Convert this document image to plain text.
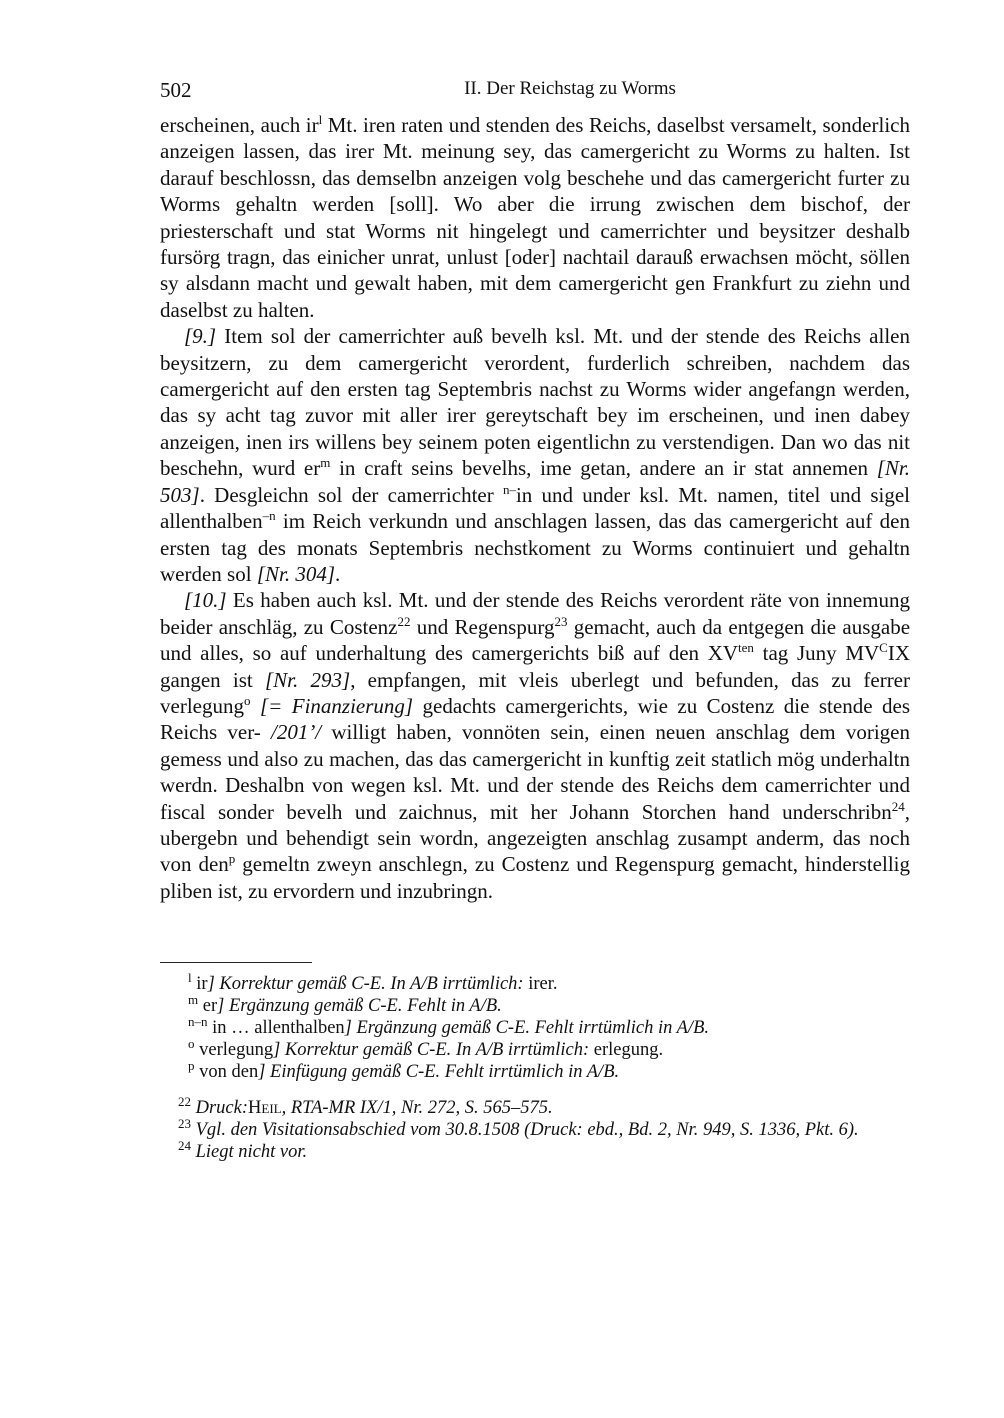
502	II. Der Reichstag zu Worms

erscheinen, auch $ir^l$ Mt. iren raten und stenden des Reichs, daselbst versamelt, sonderlich anzeigen lassen, das irer Mt. meinung sey, das camergericht zu Worms zu halten. Ist darauf beschlossn, das demselbn anzeigen volg beschehe und das camergericht furter zu Worms gehaltn werden [soll]. Wo aber die irrung zwischen dem bischof, der priesterschaft und stat Worms nit hingelegt und camerrichter und beysitzer deshalb fursörg tragn, das einicher unrat, unlust [oder] nachtail darauß erwachsen möcht, söllen sy alsdann macht und gewalt haben, mit dem camergericht gen Frankfurt zu ziehn und daselbst zu halten.

[9.] Item sol der camerrichter auß bevelh ksl. Mt. und der stende des Reichs allen beysitzern, zu dem camergericht verordent, furderlich schreiben, nachdem das camergericht auf den ersten tag Septembris nachst zu Worms wider angefangn werden, das sy acht tag zuvor mit aller irer gereytschaft bey im erscheinen, und inen dabey anzeigen, inen irs willens bey seinem poten eigentlichn zu verstendigen. Dan wo das nit beschehn, wurd $er^m$ in craft seins bevelhs, ime getan, andere an ir stat annemen [Nr. 503]. Desgleichn sol der camerrichter $^{n-}$in und under ksl. Mt. namen, titel und sigel allenthalben$^{-n}$ im Reich verkundn und anschlagen lassen, das das camergericht auf den ersten tag des monats Septembris nechstkoment zu Worms continuiert und gehaltn werden sol [Nr. 304].

[10.] Es haben auch ksl. Mt. und der stende des Reichs verordent räte von innemung beider anschläg, zu Costenz$^{22}$ und Regenspurg$^{23}$ gemacht, auch da entgegen die ausgabe und alles, so auf underhaltung des camergerichts biß auf den $XV^{ten}$ tag Juny $MV^CIX$ gangen ist [Nr. 293], empfangen, mit vleis uberlegt und befunden, das zu ferrer verlegung$^o$ [= Finanzierung] gedachts camergerichts, wie zu Costenz die stende des Reichs ver- /201’/ willigt haben, vonnöten sein, einen neuen anschlag dem vorigen gemess und also zu machen, das das camergericht in kunftig zeit statlich mög underhaltn werdn. Deshalbn von wegen ksl. Mt. und der stende des Reichs dem camerrichter und fiscal sonder bevelh und zaichnus, mit her Johann Storchen hand underschribn$^{24}$, ubergebn und behendigt sein wordn, angezeigten anschlag zusampt anderm, das noch von den$^p$ gemeltn zweyn anschlegn, zu Costenz und Regenspurg gemacht, hinderstellig pliben ist, zu ervordern und inzubringn.

$^l$ ir] Korrektur gemäß C-E. In A/B irrtümlich: irer.

$^m$ er] Ergänzung gemäß C-E. Fehlt in A/B.

$^{n-n}$ in … allenthalben] Ergänzung gemäß C-E. Fehlt irrtümlich in A/B.

$^o$ verlegung] Korrektur gemäß C-E. In A/B irrtümlich: erlegung.

$^p$ von den] Einfügung gemäß C-E. Fehlt irrtümlich in A/B.

$^{22}$ Druck:Heil, RTA-MR IX/1, Nr. 272, S. 565–575.

$^{23}$ Vgl. den Visitationsabschied vom 30.8.1508 (Druck: ebd., Bd. 2, Nr. 949, S. 1336, Pkt. 6).

$^{24}$ Liegt nicht vor.
